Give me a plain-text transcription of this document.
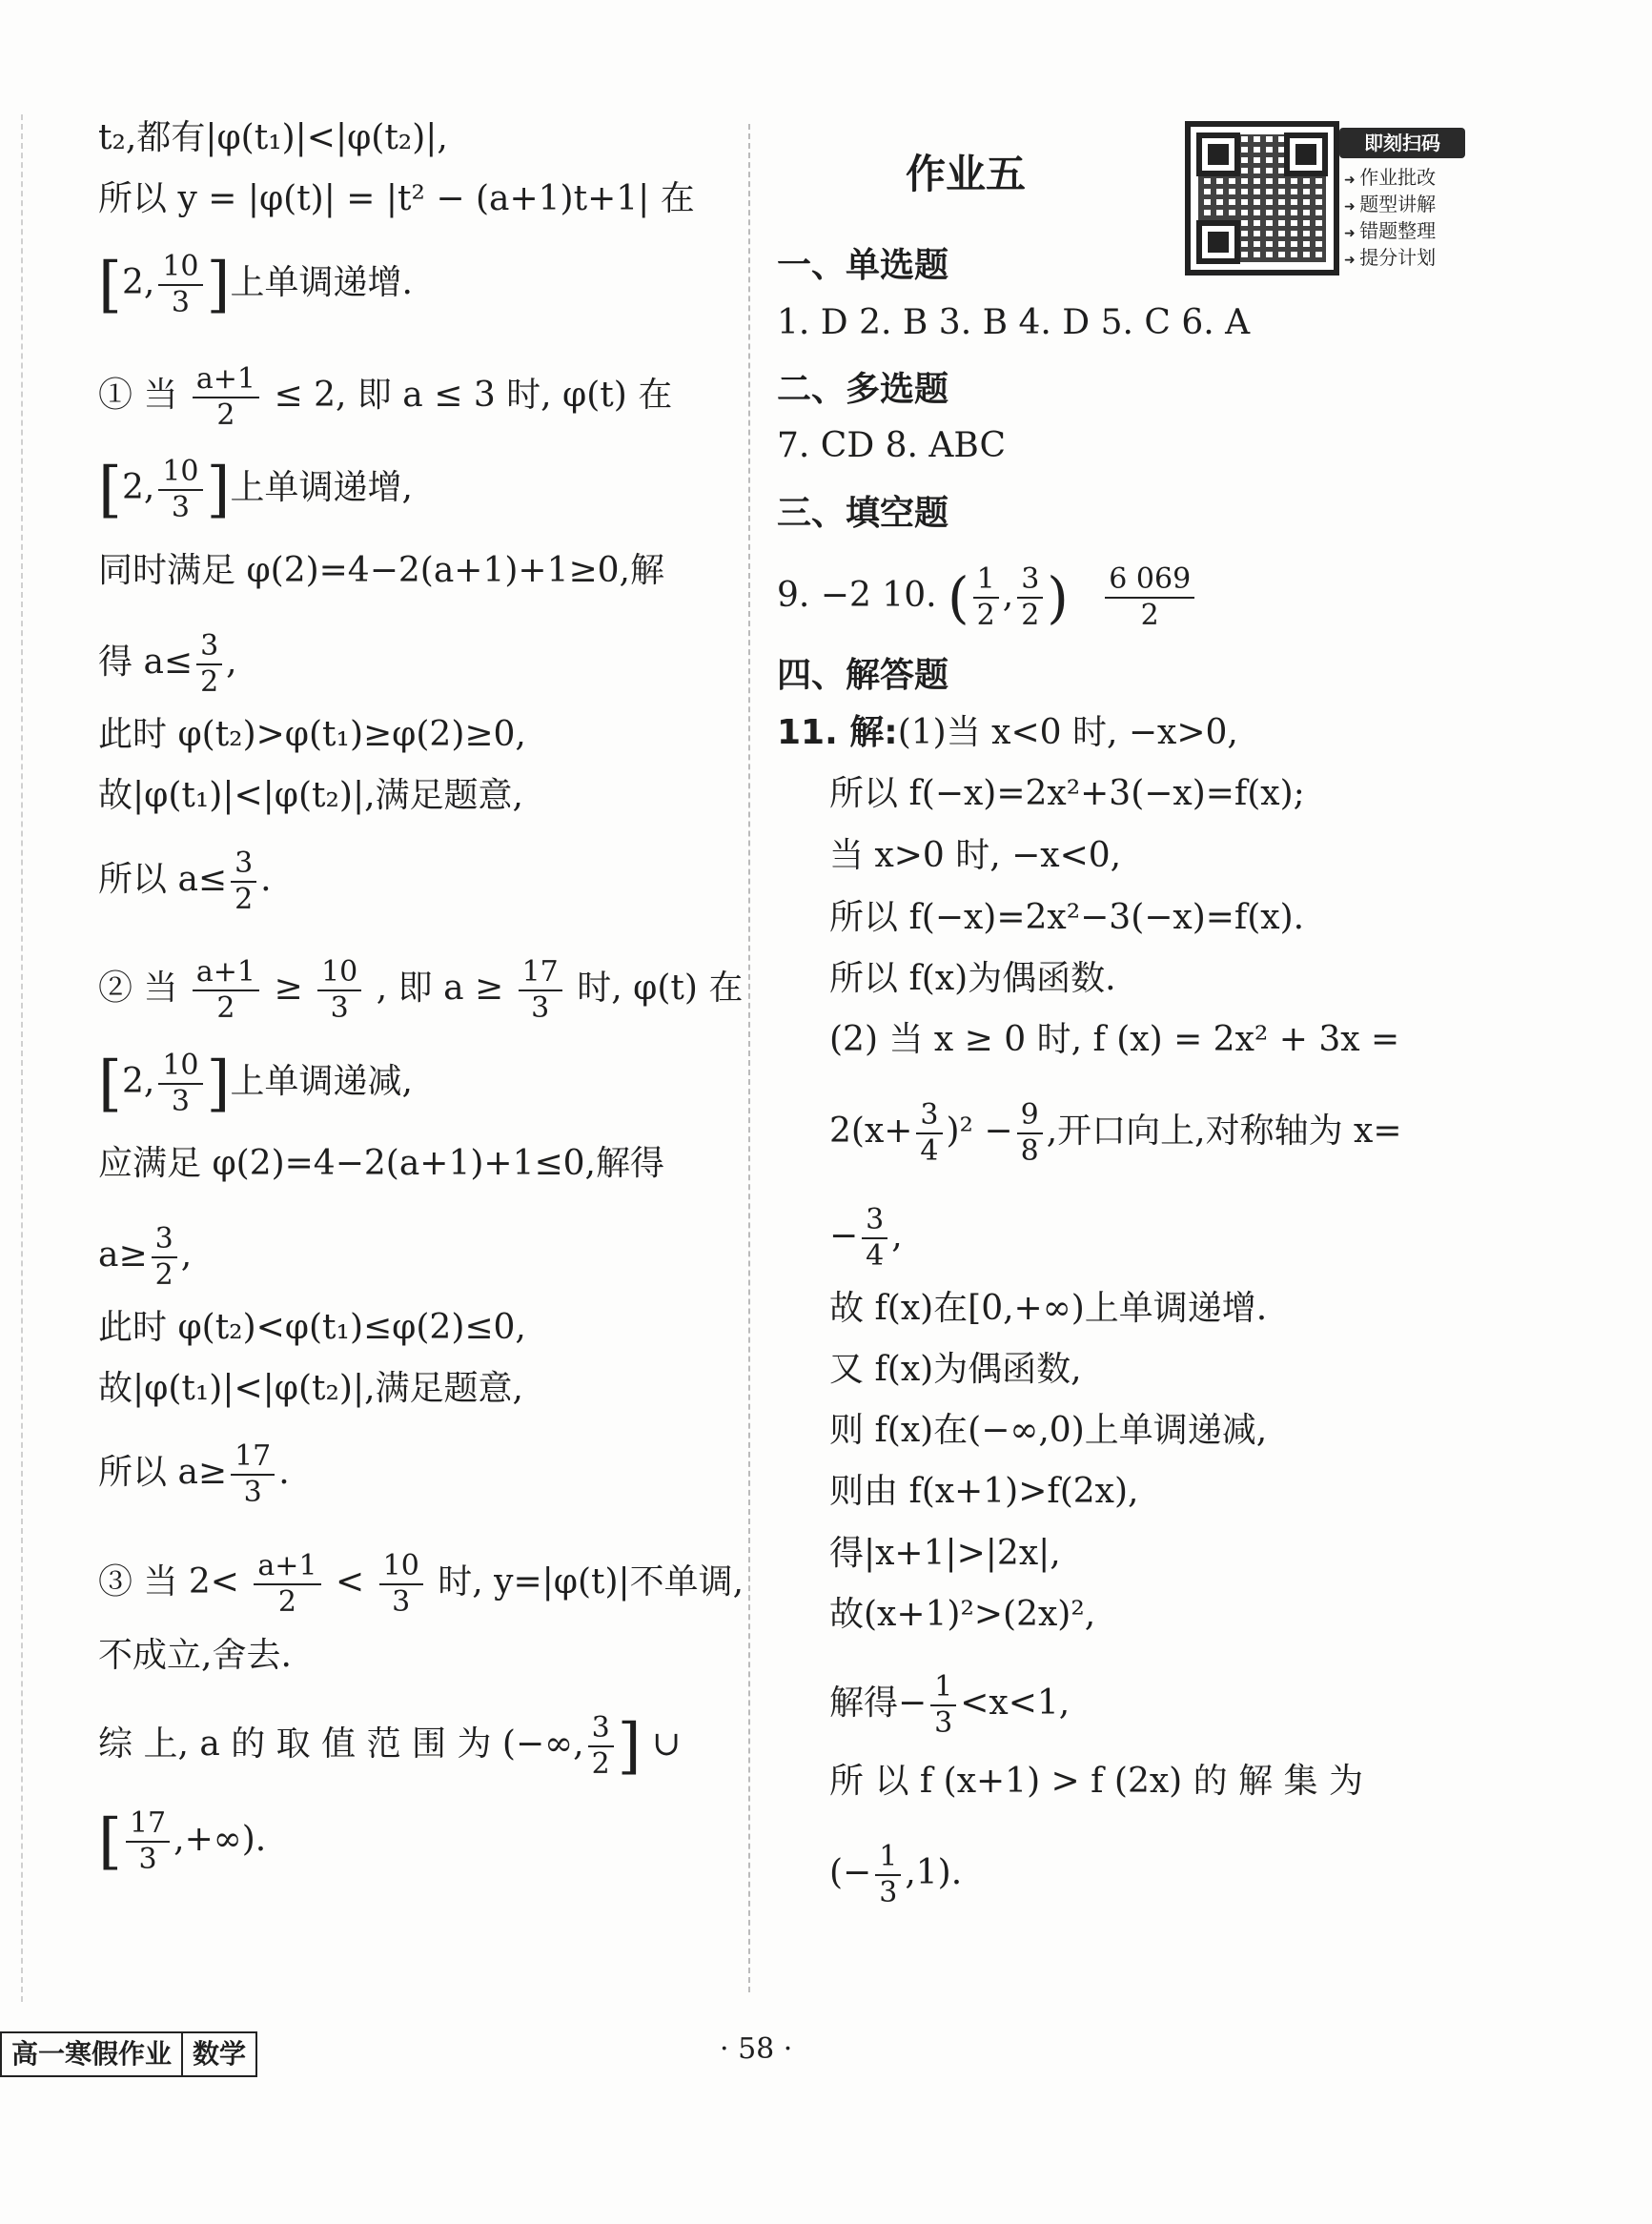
t₂,都有|φ(t₁)|<|φ(t₂)|,
所以 y = |φ(t)| = |t² − (a+1)t+1| 在
[2, $\frac{10}{3}$ ]上单调递增.
① 当 $\frac{a+1}{2} \le 2$, 即 a ≤ 3 时, φ(t) 在
[2, $\frac{10}{3}$ ]上单调递增,
同时满足 φ(2)=4−2(a+1)+1≥0,解
得 $a\le \frac{3}{2}$ ,
此时 φ(t₂)>φ(t₁)≥φ(2)≥0,
故|φ(t₁)|<|φ(t₂)|,满足题意,
所以 $a\le \frac{3}{2}$ .
② 当 $\frac{a+1}{2} \ge \frac{10}{3}$ , 即 $a \ge \frac{17}{3}$ 时, φ(t) 在
[2, $\frac{10}{3}$ ]上单调递减,
应满足 φ(2)=4−2(a+1)+1≤0,解得
$a\ge \frac{3}{2}$ ,
此时 φ(t₂)<φ(t₁)≤φ(2)≤0,
故|φ(t₁)|<|φ(t₂)|,满足题意,
所以 $a\ge \frac{17}{3}$ .
③ 当 $2< \frac{a+1}{2} < \frac{10}{3}$ 时, y=|φ(t)|不单调,
不成立,舍去.
综 上, a 的 取 值 范 围 为 (−∞, $\frac{3}{2}$ ] ∪
[ $\frac{17}{3}$ ,+∞).
作业五
即刻扫码
➜ 作业批改
➜ 题型讲解
➜ 错题整理
➜ 提分计划
一、单选题
1. D 2. B 3. B 4. D 5. C 6. A
二、多选题
7. CD 8. ABC
三、填空题
9. −2 10. ( $\frac{1}{2}$ , $\frac{3}{2}$ ) $\frac{6 069}{2}$
四、解答题
11. 解:(1)当 x<0 时, −x>0,
所以 f(−x)=2x²+3(−x)=f(x);
当 x>0 时, −x<0,
所以 f(−x)=2x²−3(−x)=f(x).
所以 f(x)为偶函数.
(2) 当 x ≥ 0 时, f (x) = 2x² + 3x =
$2(x+ \frac{3}{4} )^2 - \frac{9}{8}$ ,开口向上,对称轴为 x=
− $\frac{3}{4}$ ,
故 f(x)在[0,+∞)上单调递增.
又 f(x)为偶函数,
则 f(x)在(−∞,0)上单调递减,
则由 f(x+1)>f(2x),
得|x+1|>|2x|,
故(x+1)²>(2x)²,
解得− $\frac{1}{3} <x<1$,
所 以 f (x+1) > f (2x) 的 解 集 为
(− $\frac{1}{3} ,1$).
高一寒假作业 数学	· 58 ·
